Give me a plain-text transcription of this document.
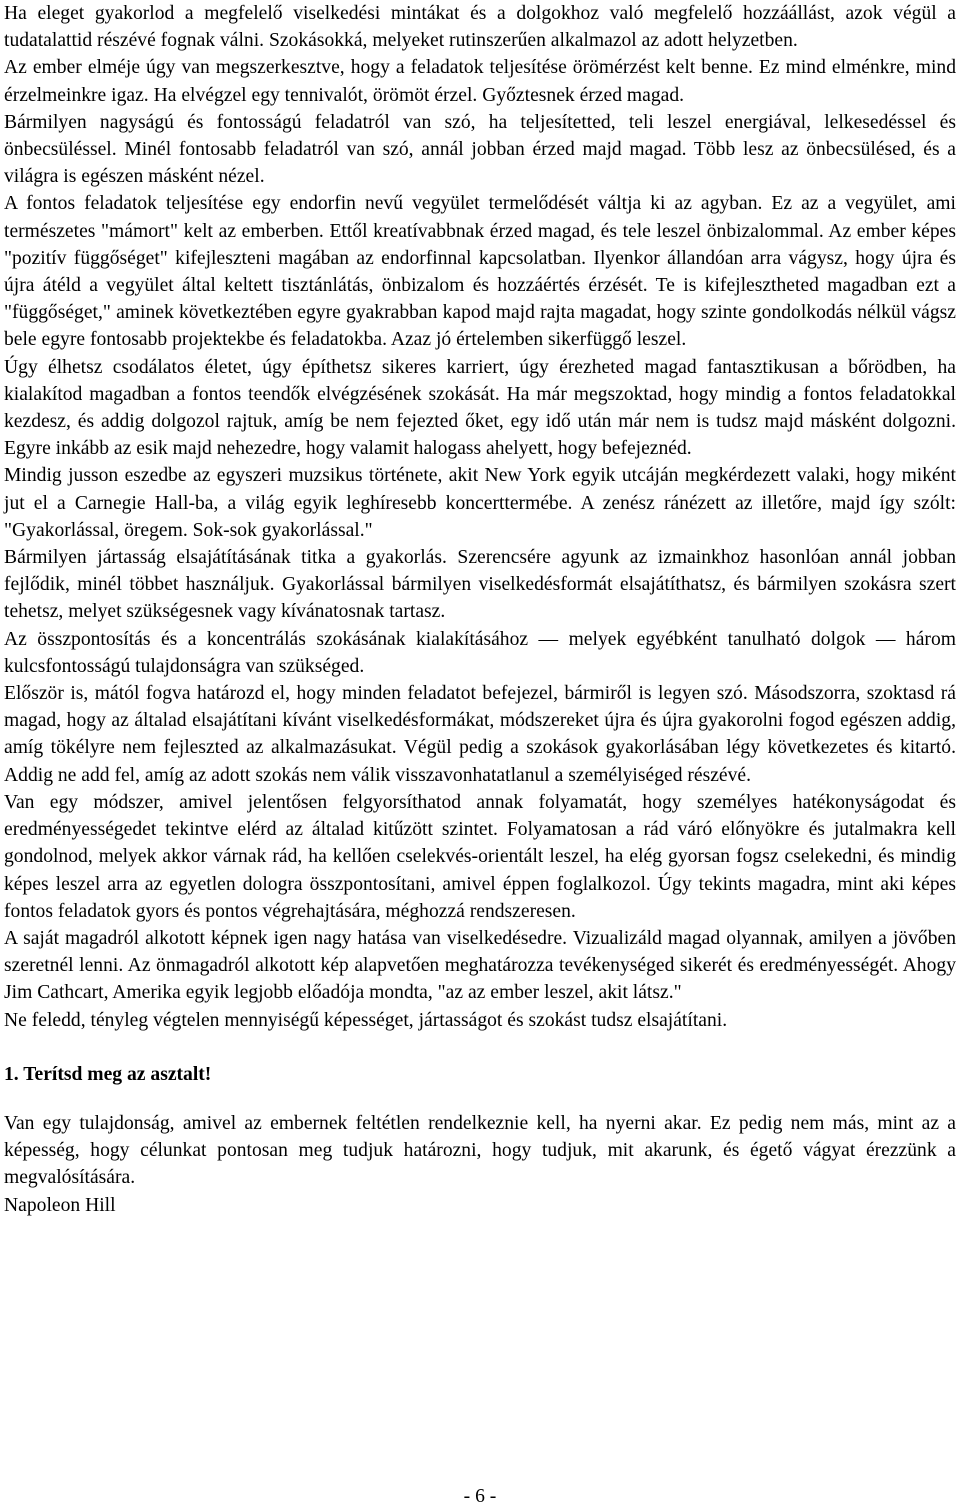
Ha eleget gyakorlod a megfelelő viselkedési mintákat és a dolgokhoz való megfelelő hozzáállást, azok végül a tudatalattid részévé fognak válni. Szokásokká, melyeket rutinszerűen alkalmazol az adott helyzetben.

Az ember elméje úgy van megszerkesztve, hogy a feladatok teljesítése örömérzést kelt benne. Ez mind elménkre, mind érzelmeinkre igaz. Ha elvégzel egy tennivalót, örömöt érzel. Győztesnek érzed magad.

Bármilyen nagyságú és fontosságú feladatról van szó, ha teljesítetted, teli leszel energiával, lelkesedéssel és önbecsüléssel. Minél fontosabb feladatról van szó, annál jobban érzed majd magad. Több lesz az önbecsülésed, és a világra is egészen másként nézel.

A fontos feladatok teljesítése egy endorfin nevű vegyület termelődését váltja ki az agyban. Ez az a vegyület, ami természetes "mámort" kelt az emberben. Ettől kreatívabbnak érzed magad, és tele leszel önbizalommal. Az ember képes "pozitív függőséget" kifejleszteni magában az endorfinnal kapcsolatban. Ilyenkor állandóan arra vágysz, hogy újra és újra átéld a vegyület által keltett tisztánlátás, önbizalom és hozzáértés érzését. Te is kifejlesztheted magadban ezt a "függőséget," aminek következtében egyre gyakrabban kapod majd rajta magadat, hogy szinte gondolkodás nélkül vágsz bele egyre fontosabb projektekbe és feladatokba. Azaz jó értelemben sikerfüggő leszel.

Úgy élhetsz csodálatos életet, úgy építhetsz sikeres karriert, úgy érezheted magad fantasztikusan a bőrödben, ha kialakítod magadban a fontos teendők elvégzésének szokását. Ha már megszoktad, hogy mindig a fontos feladatokkal kezdesz, és addig dolgozol rajtuk, amíg be nem fejezted őket, egy idő után már nem is tudsz majd másként dolgozni. Egyre inkább az esik majd nehezedre, hogy valamit halogass ahelyett, hogy befejeznéd.

Mindig jusson eszedbe az egyszeri muzsikus története, akit New York egyik utcáján megkérdezett valaki, hogy miként jut el a Carnegie Hall-ba, a világ egyik leghíresebb koncerttermébe. A zenész ránézett az illetőre, majd így szólt: "Gyakorlással, öregem. Sok-sok gyakorlással."

Bármilyen jártasság elsajátításának titka a gyakorlás. Szerencsére agyunk az izmainkhoz hasonlóan annál jobban fejlődik, minél többet használjuk. Gyakorlással bármilyen viselkedésformát elsajátíthatsz, és bármilyen szokásra szert tehetsz, melyet szükségesnek vagy kívánatosnak tartasz.

Az összpontosítás és a koncentrálás szokásának kialakításához — melyek egyébként tanulható dolgok — három kulcsfontosságú tulajdonságra van szükséged.

Először is, mától fogva határozd el, hogy minden feladatot befejezel, bármiről is legyen szó. Másodszorra, szoktasd rá magad, hogy az általad elsajátítani kívánt viselkedésformákat, módszereket újra és újra gyakorolni fogod egészen addig, amíg tökélyre nem fejleszted az alkalmazásukat. Végül pedig a szokások gyakorlásában légy következetes és kitartó. Addig ne add fel, amíg az adott szokás nem válik visszavonhatatlanul a személyiséged részévé.

Van egy módszer, amivel jelentősen felgyorsíthatod annak folyamatát, hogy személyes hatékonyságodat és eredményességedet tekintve elérd az általad kitűzött szintet. Folyamatosan a rád váró előnyökre és jutalmakra kell gondolnod, melyek akkor várnak rád, ha kellően cselekvés-orientált leszel, ha elég gyorsan fogsz cselekedni, és mindig képes leszel arra az egyetlen dologra összpontosítani, amivel éppen foglalkozol. Úgy tekints magadra, mint aki képes fontos feladatok gyors és pontos végrehajtására, méghozzá rendszeresen.

A saját magadról alkotott képnek igen nagy hatása van viselkedésedre. Vizualizáld magad olyannak, amilyen a jövőben szeretnél lenni. Az önmagadról alkotott kép alapvetően meghatározza tevékenységed sikerét és eredményességét. Ahogy Jim Cathcart, Amerika egyik legjobb előadója mondta, "az az ember leszel, akit látsz."

Ne feledd, tényleg végtelen mennyiségű képességet, jártasságot és szokást tudsz elsajátítani.

1. Terítsd meg az asztalt!

Van egy tulajdonság, amivel az embernek feltétlen rendelkeznie kell, ha nyerni akar. Ez pedig nem más, mint az a képesség, hogy célunkat pontosan meg tudjuk határozni, hogy tudjuk, mit akarunk, és égető vágyat érezzünk a megvalósítására.

Napoleon Hill

- 6 -
